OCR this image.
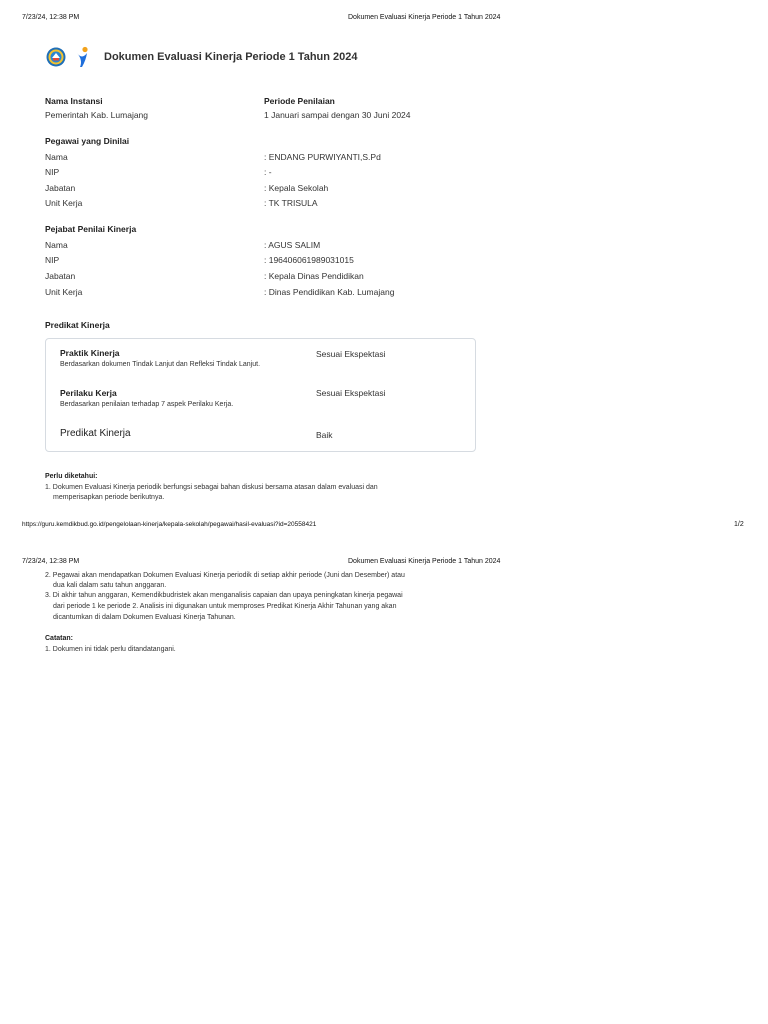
7/23/24, 12:38 PM	Dokumen Evaluasi Kinerja Periode 1 Tahun 2024
Dokumen Evaluasi Kinerja Periode 1 Tahun 2024
Nama Instansi
Pemerintah Kab. Lumajang
Periode Penilaian
1 Januari sampai dengan 30 Juni 2024
Pegawai yang Dinilai
Nama	: ENDANG PURWIYANTI,S.Pd
NIP	: -
Jabatan	: Kepala Sekolah
Unit Kerja	: TK TRISULA
Pejabat Penilai Kinerja
Nama	: AGUS SALIM
NIP	: 196406061989031015
Jabatan	: Kepala Dinas Pendidikan
Unit Kerja	: Dinas Pendidikan Kab. Lumajang
Predikat Kinerja
Praktik Kinerja
Berdasarkan dokumen Tindak Lanjut dan Refleksi Tindak Lanjut.
Sesuai Ekspektasi
Perilaku Kerja
Berdasarkan penilaian terhadap 7 aspek Perilaku Kerja.
Sesuai Ekspektasi
Predikat Kinerja	Baik
Perlu diketahui:
1. Dokumen Evaluasi Kinerja periodik berfungsi sebagai bahan diskusi bersama atasan dalam evaluasi dan
memperisapkan periode berikutnya.
https://guru.kemdikbud.go.id/pengelolaan-kinerja/kepala-sekolah/pegawai/hasil-evaluasi?id=20558421	1/2
7/23/24, 12:38 PM	Dokumen Evaluasi Kinerja Periode 1 Tahun 2024
2. Pegawai akan mendapatkan Dokumen Evaluasi Kinerja periodik di setiap akhir periode (Juni dan Desember) atau
dua kali dalam satu tahun anggaran.
3. Di akhir tahun anggaran, Kemendikbudristek akan menganalisis capaian dan upaya peningkatan kinerja pegawai
dari periode 1 ke periode 2. Analisis ini digunakan untuk memproses Predikat Kinerja Akhir Tahunan yang akan
dicantumkan di dalam Dokumen Evaluasi Kinerja Tahunan.
Catatan:
1. Dokumen ini tidak perlu ditandatangani.
